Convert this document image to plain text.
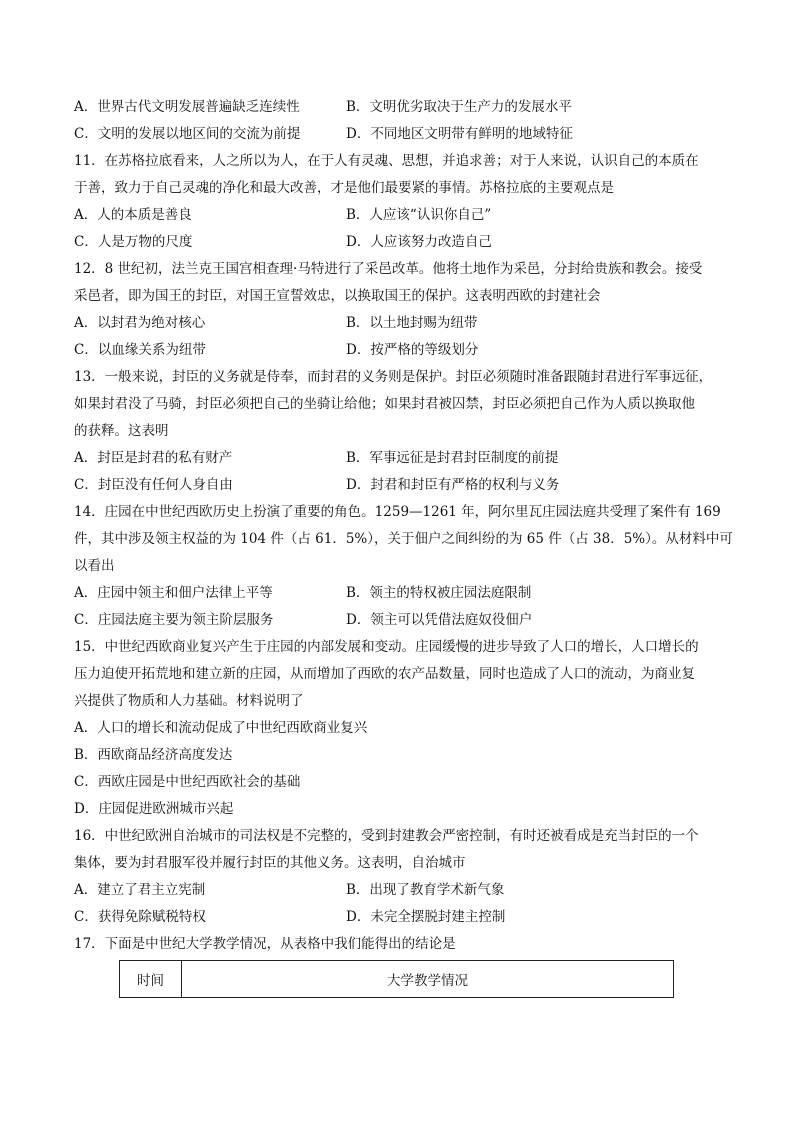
A．世界古代文明发展普遍缺乏连续性	B．文明优劣取决于生产力的发展水平
C．文明的发展以地区间的交流为前提	D．不同地区文明带有鲜明的地域特征
11．在苏格拉底看来，人之所以为人，在于人有灵魂、思想，并追求善；对于人来说，认识自己的本质在
于善，致力于自己灵魂的净化和最大改善，才是他们最要紧的事情。苏格拉底的主要观点是
A．人的本质是善良	B．人应该“认识你自己”
C．人是万物的尺度	D．人应该努力改造自己
12．8 世纪初，法兰克王国宫相查理·马特进行了采邑改革。他将土地作为采邑，分封给贵族和教会。接受
采邑者，即为国王的封臣，对国王宣誓效忠，以换取国王的保护。这表明西欧的封建社会
A．以封君为绝对核心	B．以土地封赐为纽带
C．以血缘关系为纽带	D．按严格的等级划分
13．一般来说，封臣的义务就是侍奉，而封君的义务则是保护。封臣必须随时准备跟随封君进行军事远征，
如果封君没了马骑，封臣必须把自己的坐骑让给他；如果封君被囚禁，封臣必须把自己作为人质以换取他
的获释。这表明
A．封臣是封君的私有财产	B．军事远征是封君封臣制度的前提
C．封臣没有任何人身自由	D．封君和封臣有严格的权利与义务
14．庄园在中世纪西欧历史上扮演了重要的角色。1259—1261 年，阿尔里瓦庄园法庭共受理了案件有 169
件，其中涉及领主权益的为 104 件（占 61．5%），关于佃户之间纠纷的为 65 件（占 38．5%）。从材料中可
以看出
A．庄园中领主和佃户法律上平等	B．领主的特权被庄园法庭限制
C．庄园法庭主要为领主阶层服务	D．领主可以凭借法庭奴役佃户
15．中世纪西欧商业复兴产生于庄园的内部发展和变动。庄园缓慢的进步导致了人口的增长，人口增长的
压力迫使开拓荒地和建立新的庄园，从而增加了西欧的农产品数量，同时也造成了人口的流动，为商业复
兴提供了物质和人力基础。材料说明了
A．人口的增长和流动促成了中世纪西欧商业复兴
B．西欧商品经济高度发达
C．西欧庄园是中世纪西欧社会的基础
D．庄园促进欧洲城市兴起
16．中世纪欧洲自治城市的司法权是不完整的，受到封建教会严密控制，有时还被看成是充当封臣的一个
集体，要为封君服军役并履行封臣的其他义务。这表明，自治城市
A．建立了君主立宪制	B．出现了教育学术新气象
C．获得免除赋税特权	D．未完全摆脱封建主控制
17．下面是中世纪大学教学情况，从表格中我们能得出的结论是
时间	大学教学情况
